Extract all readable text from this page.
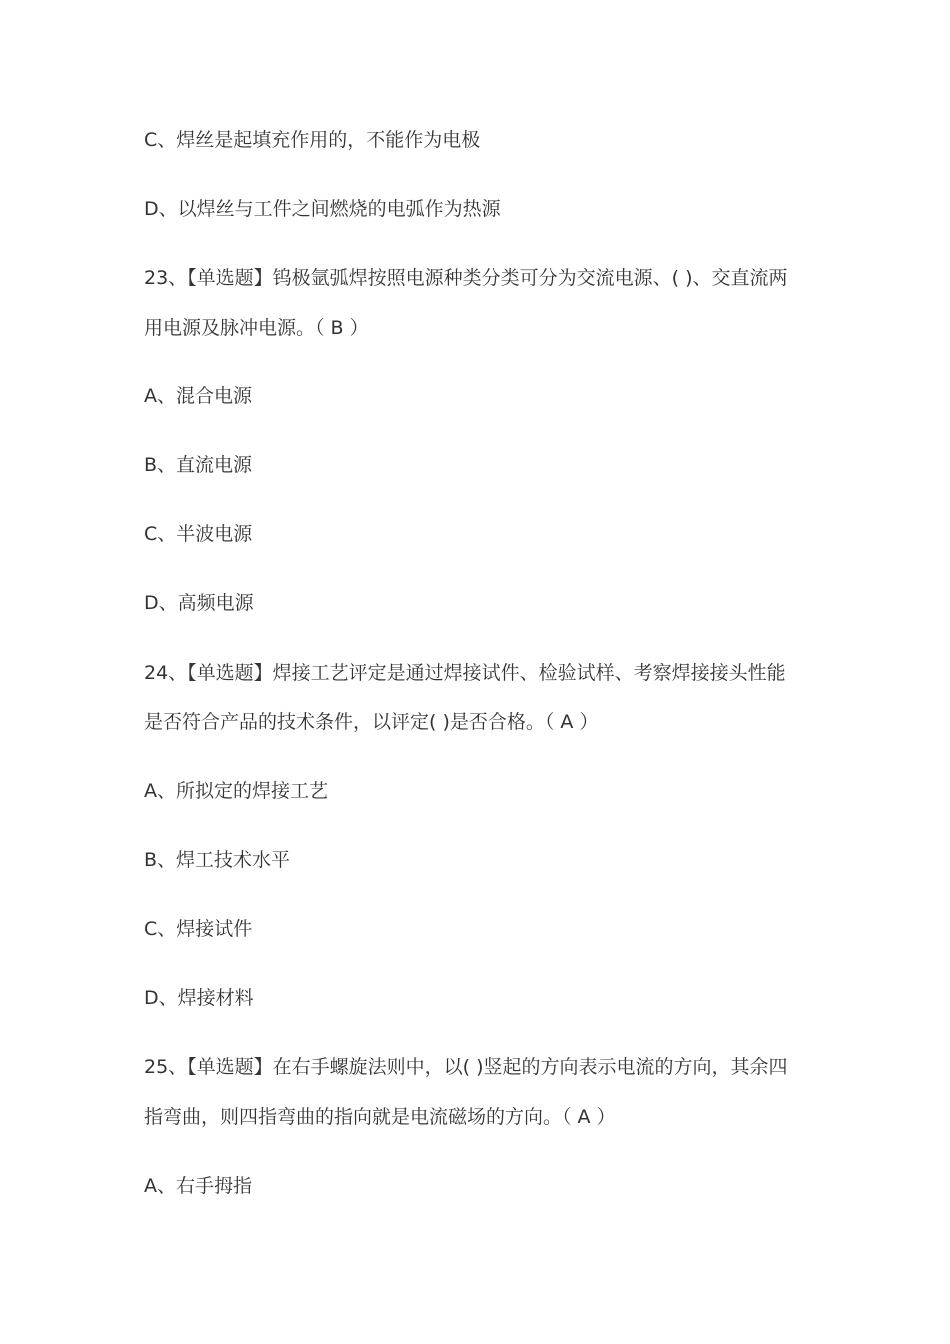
C、焊丝是起填充作用的，不能作为电极
D、以焊丝与工件之间燃烧的电弧作为热源
23、【单选题】钨极氩弧焊按照电源种类分类可分为交流电源、( )、交直流两
用电源及脉冲电源。（ B ）
A、混合电源
B、直流电源
C、半波电源
D、高频电源
24、【单选题】焊接工艺评定是通过焊接试件、检验试样、考察焊接接头性能
是否符合产品的技术条件，以评定( )是否合格。（ A ）
A、所拟定的焊接工艺
B、焊工技术水平
C、焊接试件
D、焊接材料
25、【单选题】在右手螺旋法则中，以( )竖起的方向表示电流的方向，其余四
指弯曲，则四指弯曲的指向就是电流磁场的方向。（ A ）
A、右手拇指
